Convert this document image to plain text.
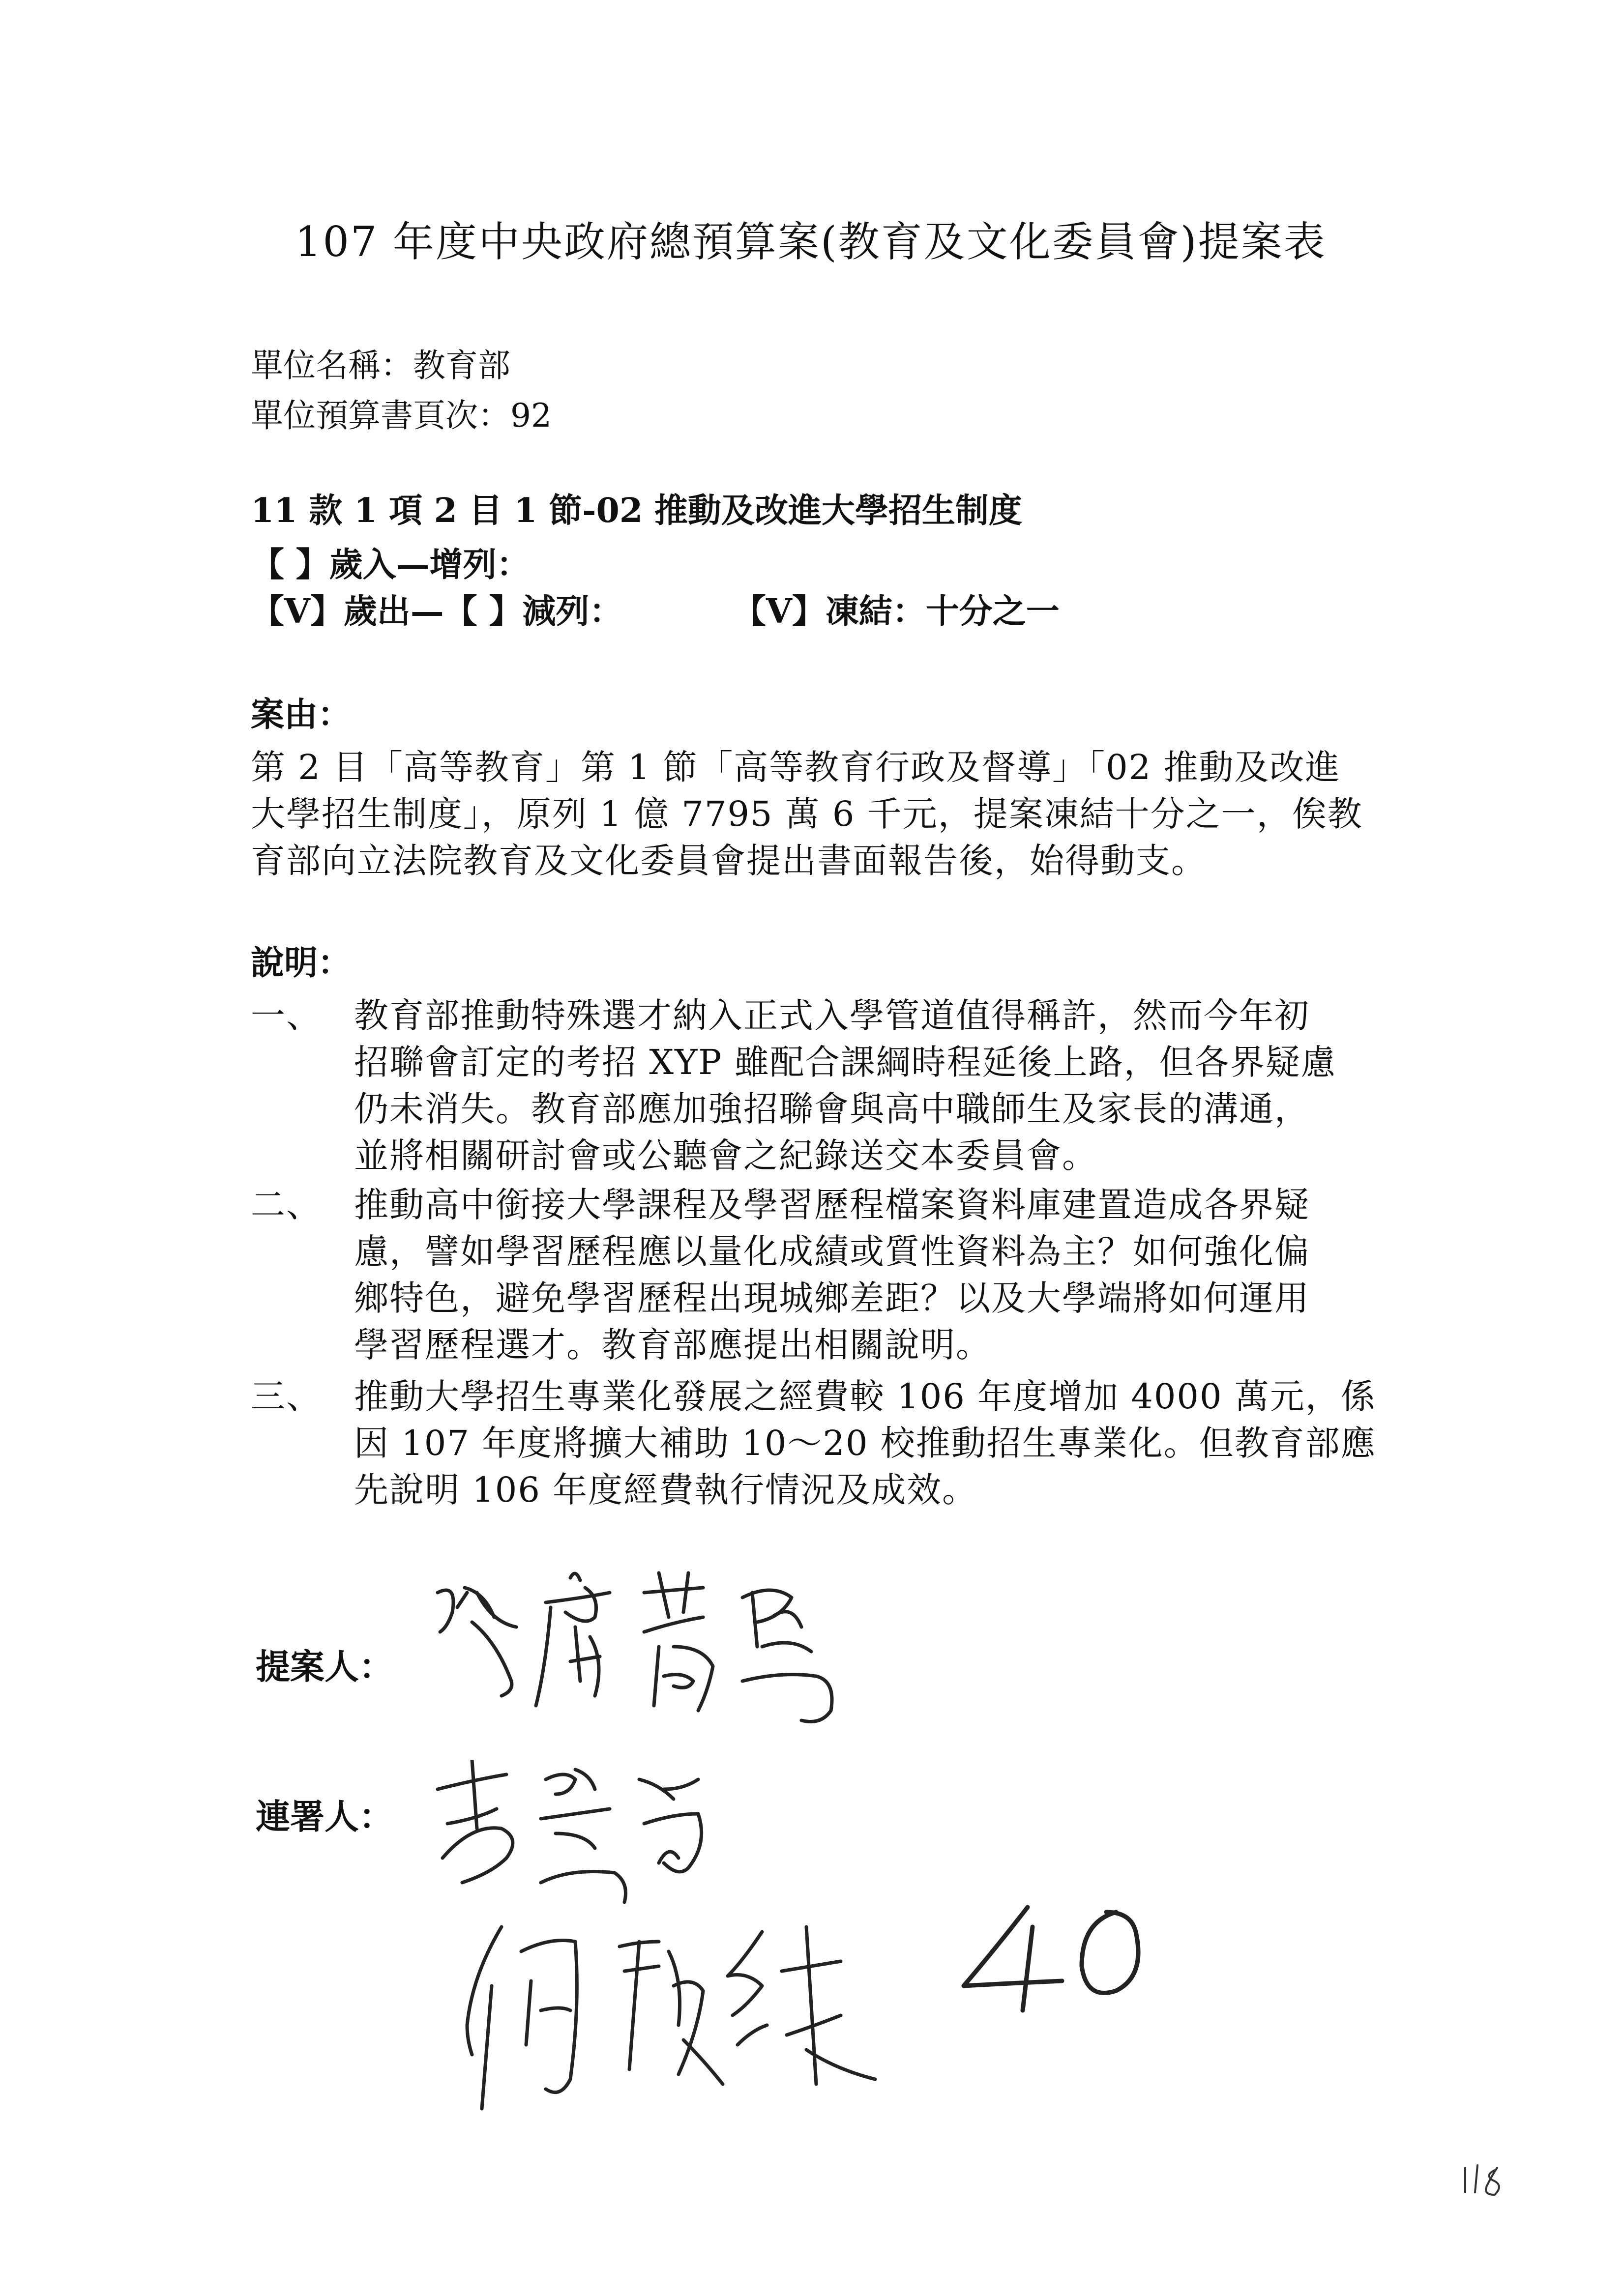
107 年度中央政府總預算案(教育及文化委員會)提案表
單位名稱：教育部
單位預算書頁次：92
11 款 1 項 2 目 1 節-02 推動及改進大學招生制度
【 】歲入—增列：
【V】歲出—【 】減列：	【V】凍結：十分之一
案由：
第 2 目「高等教育」第 1 節「高等教育行政及督導」「02 推動及改進
大學招生制度」，原列 1 億 7795 萬 6 千元，提案凍結十分之一，俟教
育部向立法院教育及文化委員會提出書面報告後，始得動支。
說明：
一、 教育部推動特殊選才納入正式入學管道值得稱許，然而今年初
招聯會訂定的考招 XYP 雖配合課綱時程延後上路，但各界疑慮
仍未消失。教育部應加強招聯會與高中職師生及家長的溝通，
並將相關研討會或公聽會之紀錄送交本委員會。
二、 推動高中銜接大學課程及學習歷程檔案資料庫建置造成各界疑
慮，譬如學習歷程應以量化成績或質性資料為主？如何強化偏
鄉特色，避免學習歷程出現城鄉差距？以及大學端將如何運用
學習歷程選才。教育部應提出相關說明。
三、 推動大學招生專業化發展之經費較 106 年度增加 4000 萬元，係
因 107 年度將擴大補助 10～20 校推動招生專業化。但教育部應
先說明 106 年度經費執行情況及成效。
提案人：
連署人：
